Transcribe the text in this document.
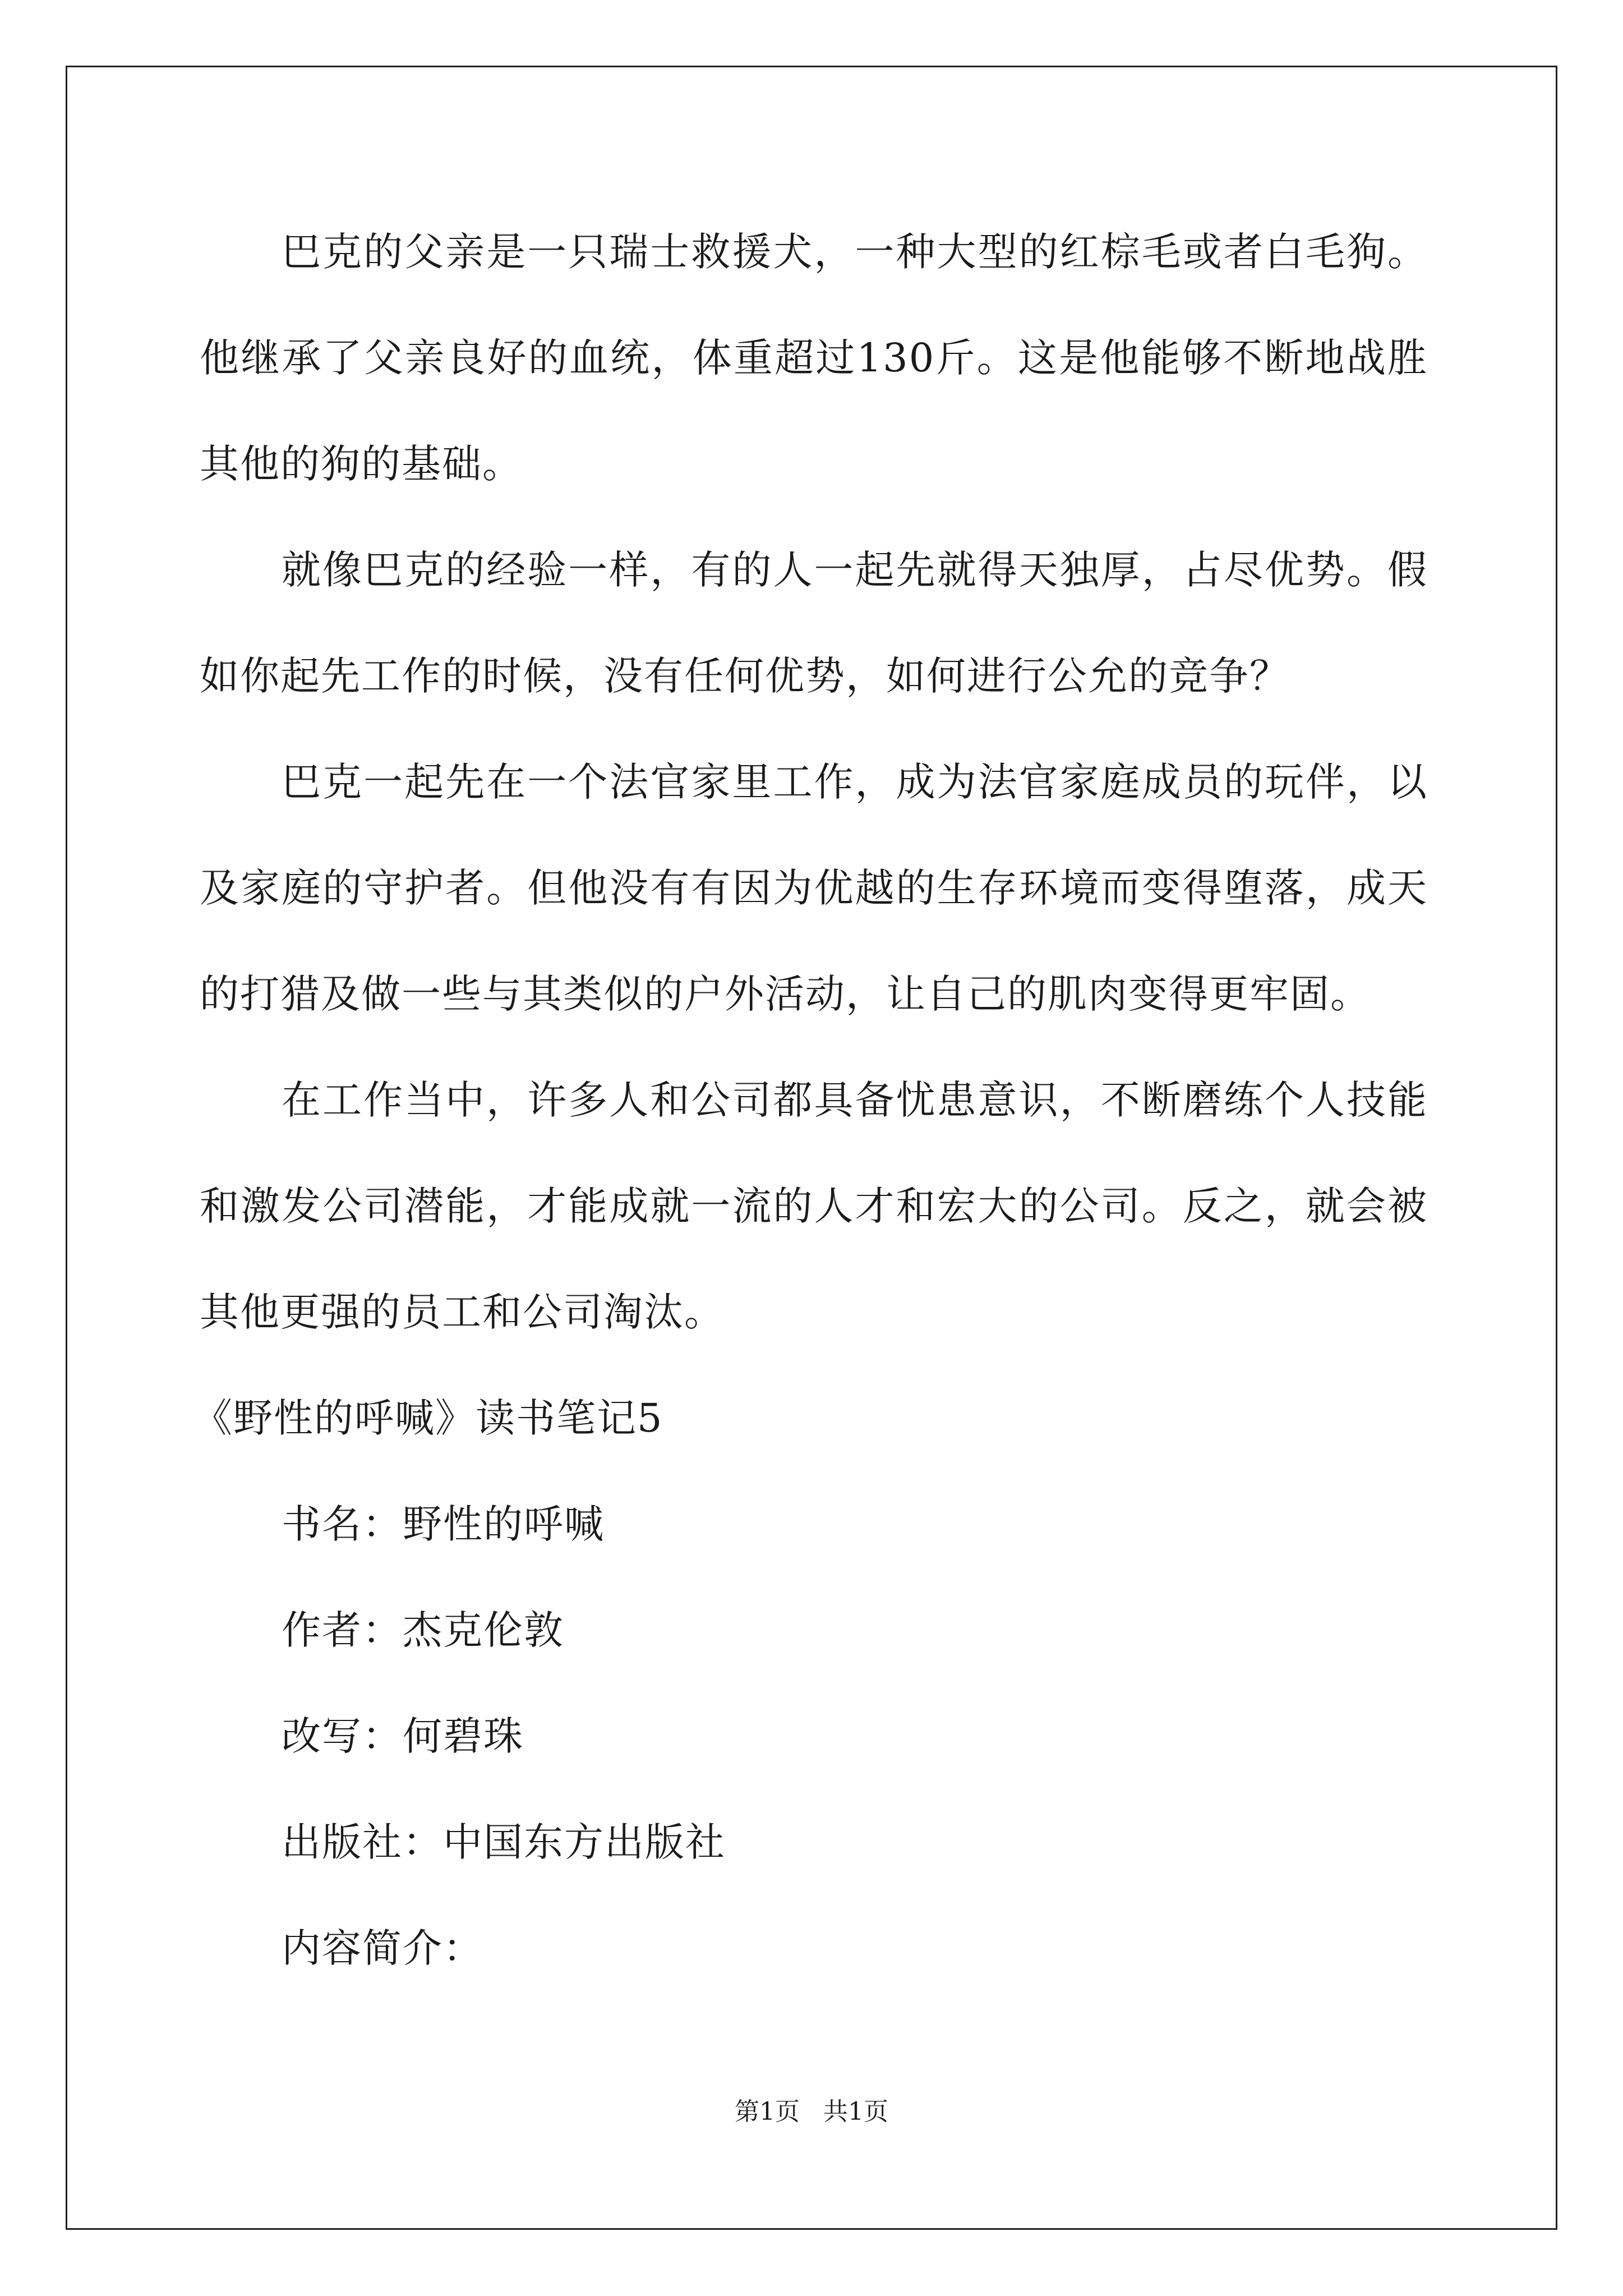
巴克的父亲是一只瑞士救援犬，一种大型的红棕毛或者白毛狗。他继承了父亲良好的血统，体重超过130斤。这是他能够不断地战胜其他的狗的基础。

就像巴克的经验一样，有的人一起先就得天独厚，占尽优势。假如你起先工作的时候，没有任何优势，如何进行公允的竞争？

巴克一起先在一个法官家里工作，成为法官家庭成员的玩伴，以及家庭的守护者。但他没有有因为优越的生存环境而变得堕落，成天的打猎及做一些与其类似的户外活动，让自己的肌肉变得更牢固。

在工作当中，许多人和公司都具备忧患意识，不断磨练个人技能和激发公司潜能，才能成就一流的人才和宏大的公司。反之，就会被其他更强的员工和公司淘汰。

《野性的呼喊》读书笔记5

书名：野性的呼喊

作者：杰克伦敦

改写：何碧珠

出版社：中国东方出版社

内容简介：

第1页 共1页
